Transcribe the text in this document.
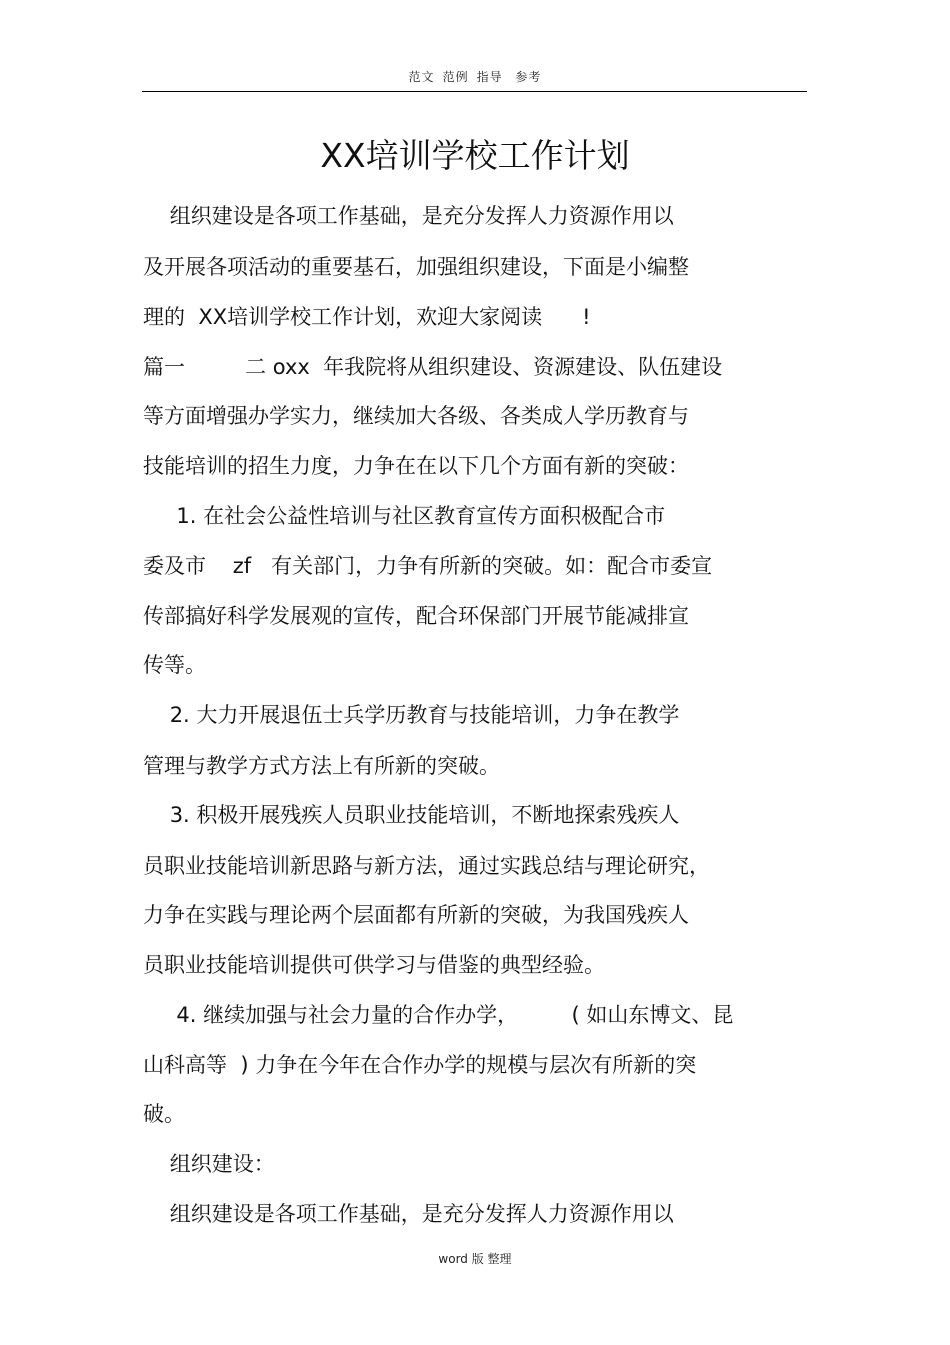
范文 范例 指导 参考
XX培训学校工作计划

组织建设是各项工作基础，是充分发挥人力资源作用以

及开展各项活动的重要基石，加强组织建设，下面是小编整

理的  XX培训学校工作计划，欢迎大家阅读      !

篇一         二 oxx  年我院将从组织建设、资源建设、队伍建设

等方面增强办学实力，继续加大各级、各类成人学历教育与

技能培训的招生力度，力争在在以下几个方面有新的突破：

1. 在社会公益性培训与社区教育宣传方面积极配合市

委及市    zf   有关部门，力争有所新的突破。如：配合市委宣

传部搞好科学发展观的宣传，配合环保部门开展节能减排宣

传等。

2. 大力开展退伍士兵学历教育与技能培训，力争在教学

管理与教学方式方法上有所新的突破。

3. 积极开展残疾人员职业技能培训，不断地探索残疾人

员职业技能培训新思路与新方法，通过实践总结与理论研究，

力争在实践与理论两个层面都有所新的突破，为我国残疾人

员职业技能培训提供可供学习与借鉴的典型经验。

4. 继续加强与社会力量的合作办学，        ( 如山东博文、昆

山科高等  ) 力争在今年在合作办学的规模与层次有所新的突

破。

组织建设：

组织建设是各项工作基础，是充分发挥人力资源作用以

word 版 整理
